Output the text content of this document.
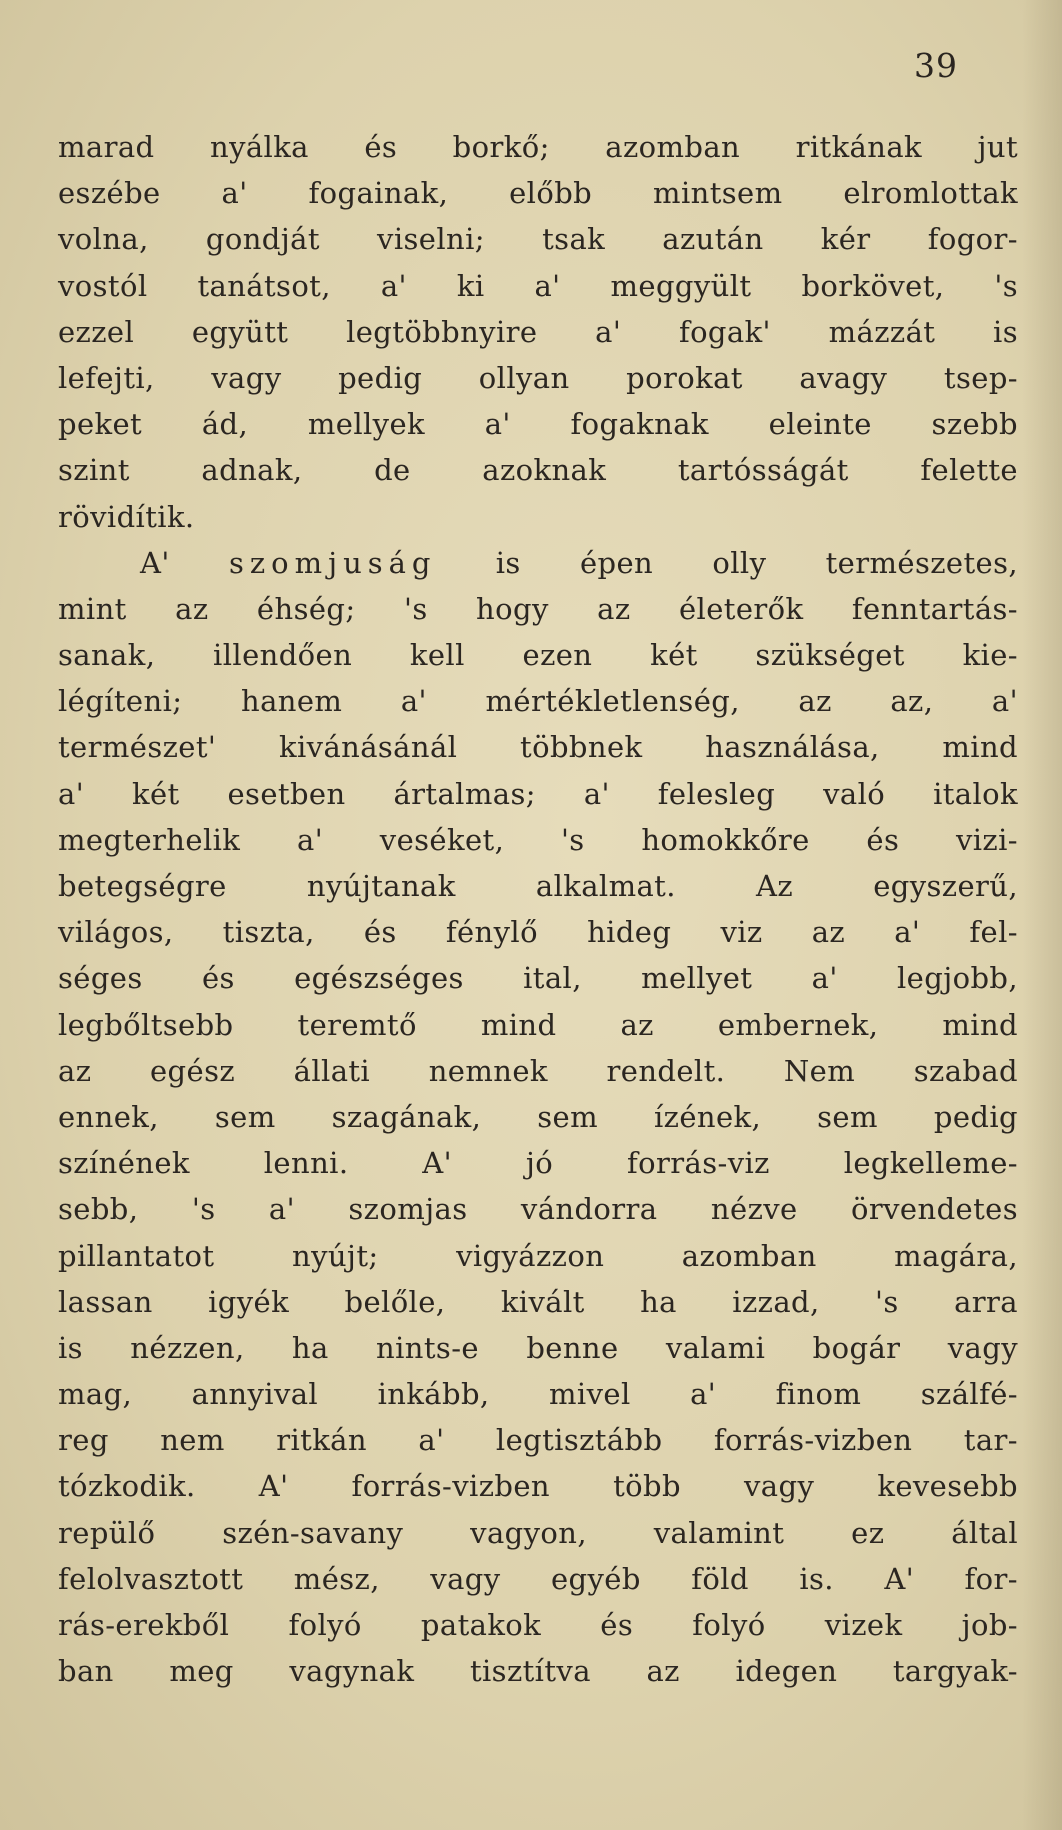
39
marad nyálka és borkő; azomban ritkának jut
eszébe a' fogainak, előbb mintsem elromlottak
volna, gondját viselni; tsak azután kér fogor-
vostól tanátsot, a' ki a' meggyült borkövet, 's
ezzel együtt legtöbbnyire a' fogak' mázzát is
lefejti, vagy pedig ollyan porokat avagy tsep-
peket ád, mellyek a' fogaknak eleinte szebb
szint adnak, de azoknak tartósságát felette
rövidítik.
A' szomjuság is épen olly természetes,
mint az éhség; 's hogy az életerők fenntartás-
sanak, illendően kell ezen két szükséget kie-
légíteni; hanem a' mértékletlenség, az az, a'
természet' kivánásánál többnek használása, mind
a' két esetben ártalmas; a' felesleg való italok
megterhelik a' veséket, 's homokkőre és vizi-
betegségre nyújtanak alkalmat. Az egyszerű,
világos, tiszta, és fénylő hideg viz az a' fel-
séges és egészséges ital, mellyet a' legjobb,
legbőltsebb teremtő mind az embernek, mind
az egész állati nemnek rendelt. Nem szabad
ennek, sem szagának, sem ízének, sem pedig
színének lenni. A' jó forrás-viz legkelleme-
sebb, 's a' szomjas vándorra nézve örvendetes
pillantatot nyújt; vigyázzon azomban magára,
lassan igyék belőle, kivált ha izzad, 's arra
is nézzen, ha nints-e benne valami bogár vagy
mag, annyival inkább, mivel a' finom szálfé-
reg nem ritkán a' legtisztább forrás-vizben tar-
tózkodik. A' forrás-vizben több vagy kevesebb
repülő szén-savany vagyon, valamint ez által
felolvasztott mész, vagy egyéb föld is. A' for-
rás-erekből folyó patakok és folyó vizek job-
ban meg vagynak tisztítva az idegen targyak-
